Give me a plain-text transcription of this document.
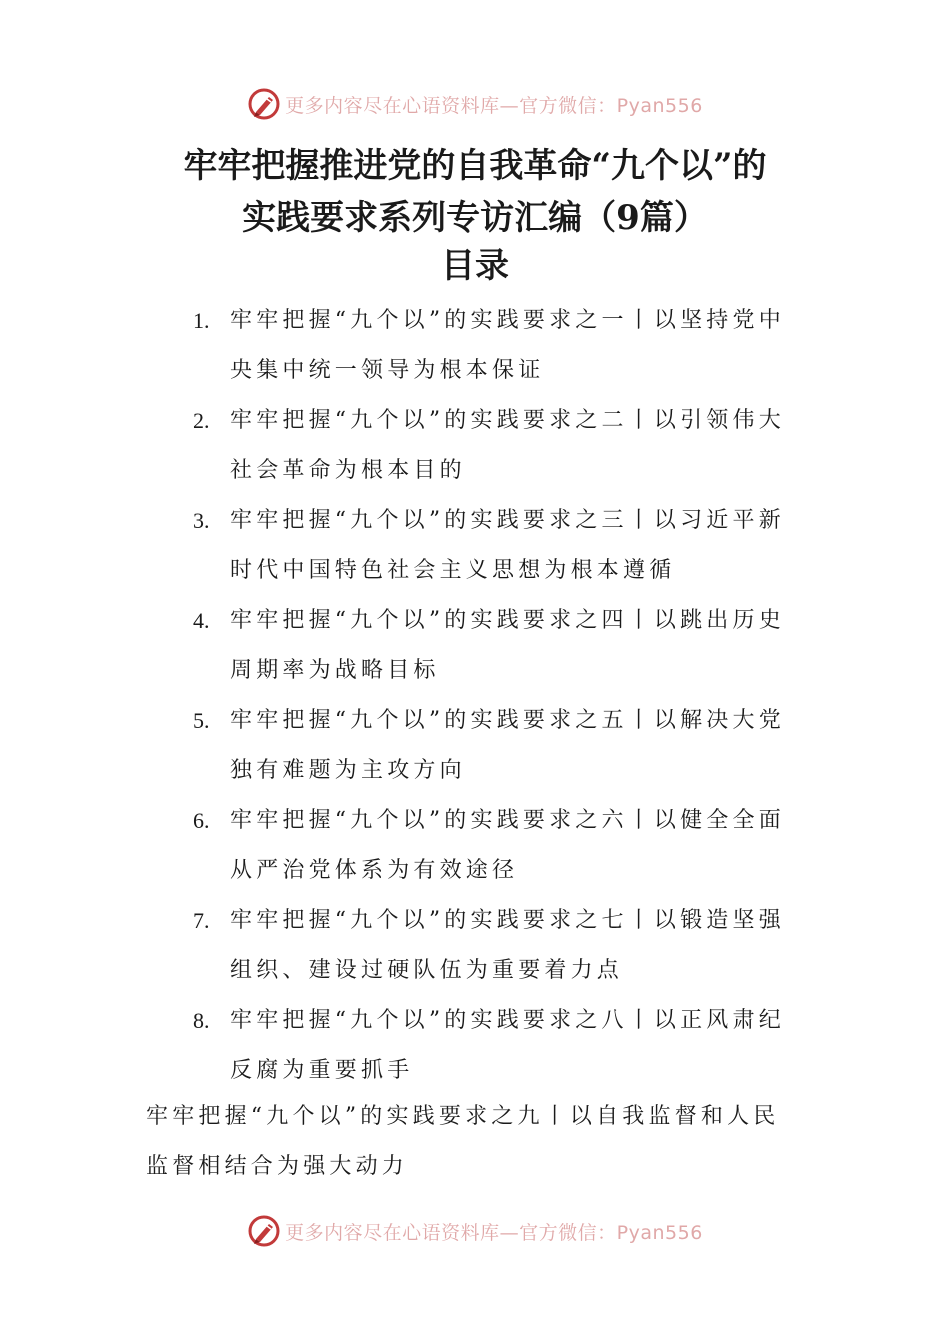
更多内容尽在心语资料库—官方微信：Pyan556
牢牢把握推进党的自我革命“九个以”的
实践要求系列专访汇编（9篇）
目录
1. 牢牢把握“九个以”的实践要求之一丨以坚持党中央集中统一领导为根本保证
2. 牢牢把握“九个以”的实践要求之二丨以引领伟大社会革命为根本目的
3. 牢牢把握“九个以”的实践要求之三丨以习近平新时代中国特色社会主义思想为根本遵循
4. 牢牢把握“九个以”的实践要求之四丨以跳出历史周期率为战略目标
5. 牢牢把握“九个以”的实践要求之五丨以解决大党独有难题为主攻方向
6. 牢牢把握“九个以”的实践要求之六丨以健全全面从严治党体系为有效途径
7. 牢牢把握“九个以”的实践要求之七丨以锻造坚强组织、建设过硬队伍为重要着力点
8. 牢牢把握“九个以”的实践要求之八丨以正风肃纪反腐为重要抓手
牢牢把握“九个以”的实践要求之九丨以自我监督和人民监督相结合为强大动力
更多内容尽在心语资料库—官方微信：Pyan556
